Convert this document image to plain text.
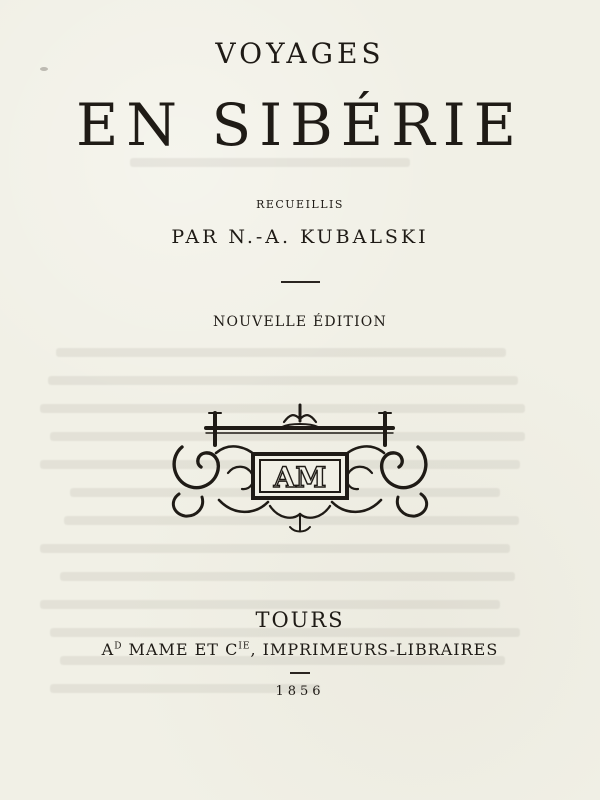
VOYAGES
EN SIBÉRIE
RECUEILLIS
PAR N.-A. KUBALSKI
NOUVELLE ÉDITION
AM
TOURS
$A^D$ MAME ET $C^{IE}$, IMPRIMEURS-LIBRAIRES
1856
